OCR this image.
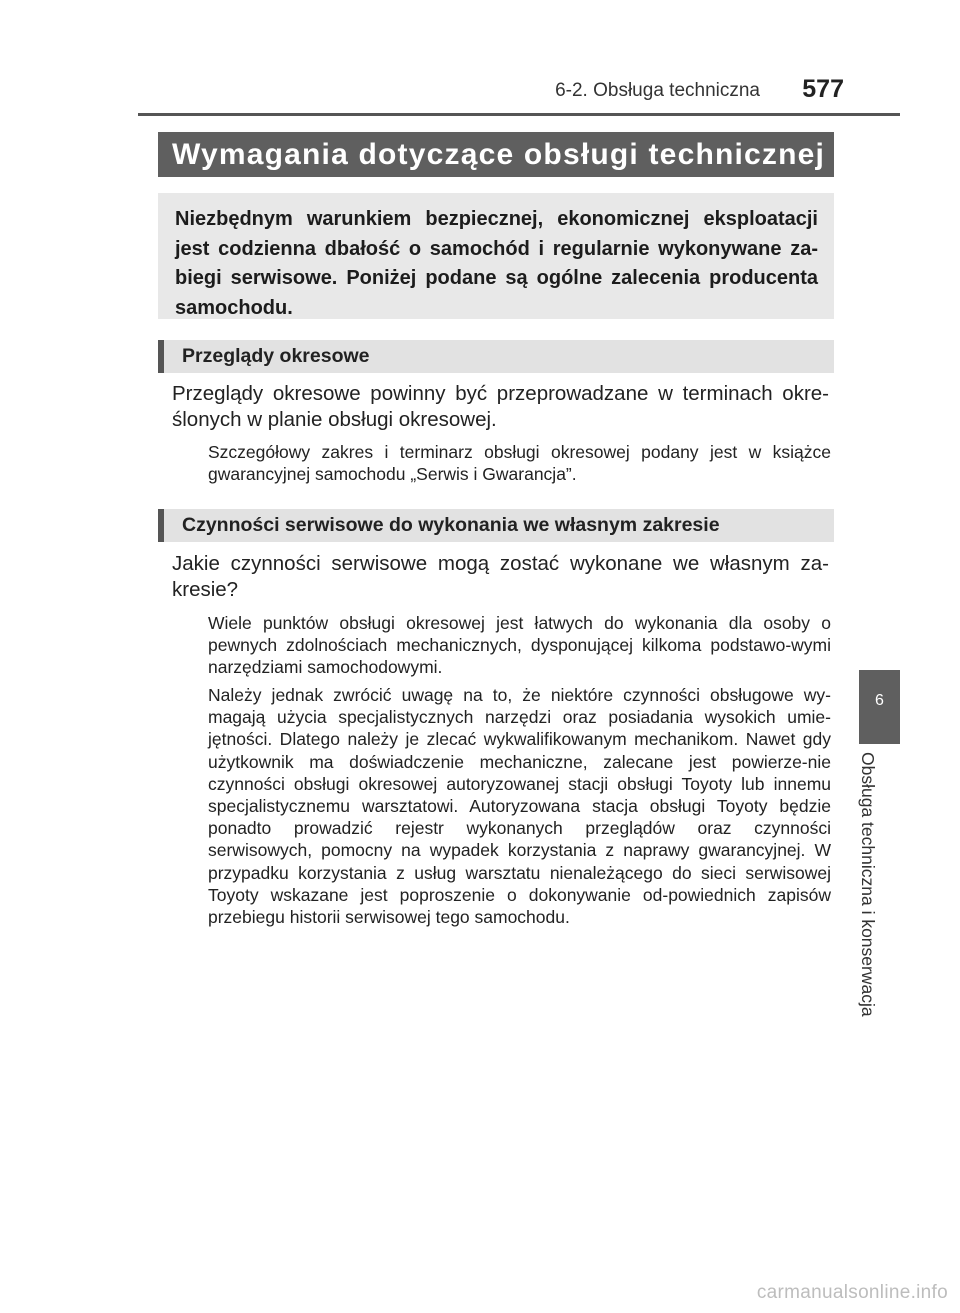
6-2. Obsługa techniczna 577
Wymagania dotyczące obsługi technicznej
Niezbędnym warunkiem bezpiecznej, ekonomicznej eksploatacji jest codzienna dbałość o samochód i regularnie wykonywane za-biegi serwisowe. Poniżej podane są ogólne zalecenia producenta samochodu.
Przeglądy okresowe
Przeglądy okresowe powinny być przeprowadzane w terminach okre-ślonych w planie obsługi okresowej.
Szczegółowy zakres i terminarz obsługi okresowej podany jest w książce gwarancyjnej samochodu „Serwis i Gwarancja”.
Czynności serwisowe do wykonania we własnym zakresie
Jakie czynności serwisowe mogą zostać wykonane we własnym za-kresie?
Wiele punktów obsługi okresowej jest łatwych do wykonania dla osoby o pewnych zdolnościach mechanicznych, dysponującej kilkoma podstawo-wymi narzędziami samochodowymi.
Należy jednak zwrócić uwagę na to, że niektóre czynności obsługowe wy-magają użycia specjalistycznych narzędzi oraz posiadania wysokich umie-jętności. Dlatego należy je zlecać wykwalifikowanym mechanikom. Nawet gdy użytkownik ma doświadczenie mechaniczne, zalecane jest powierze-nie czynności obsługi okresowej autoryzowanej stacji obsługi Toyoty lub innemu specjalistycznemu warsztatowi. Autoryzowana stacja obsługi Toyoty będzie ponadto prowadzić rejestr wykonanych przeglądów oraz czynności serwisowych, pomocny na wypadek korzystania z naprawy gwarancyjnej. W przypadku korzystania z usług warsztatu nienależącego do sieci serwisowej Toyoty wskazane jest poproszenie o dokonywanie od-powiednich zapisów przebiegu historii serwisowej tego samochodu.
6
Obsługa techniczna i konserwacja
carmanualsonline.info
